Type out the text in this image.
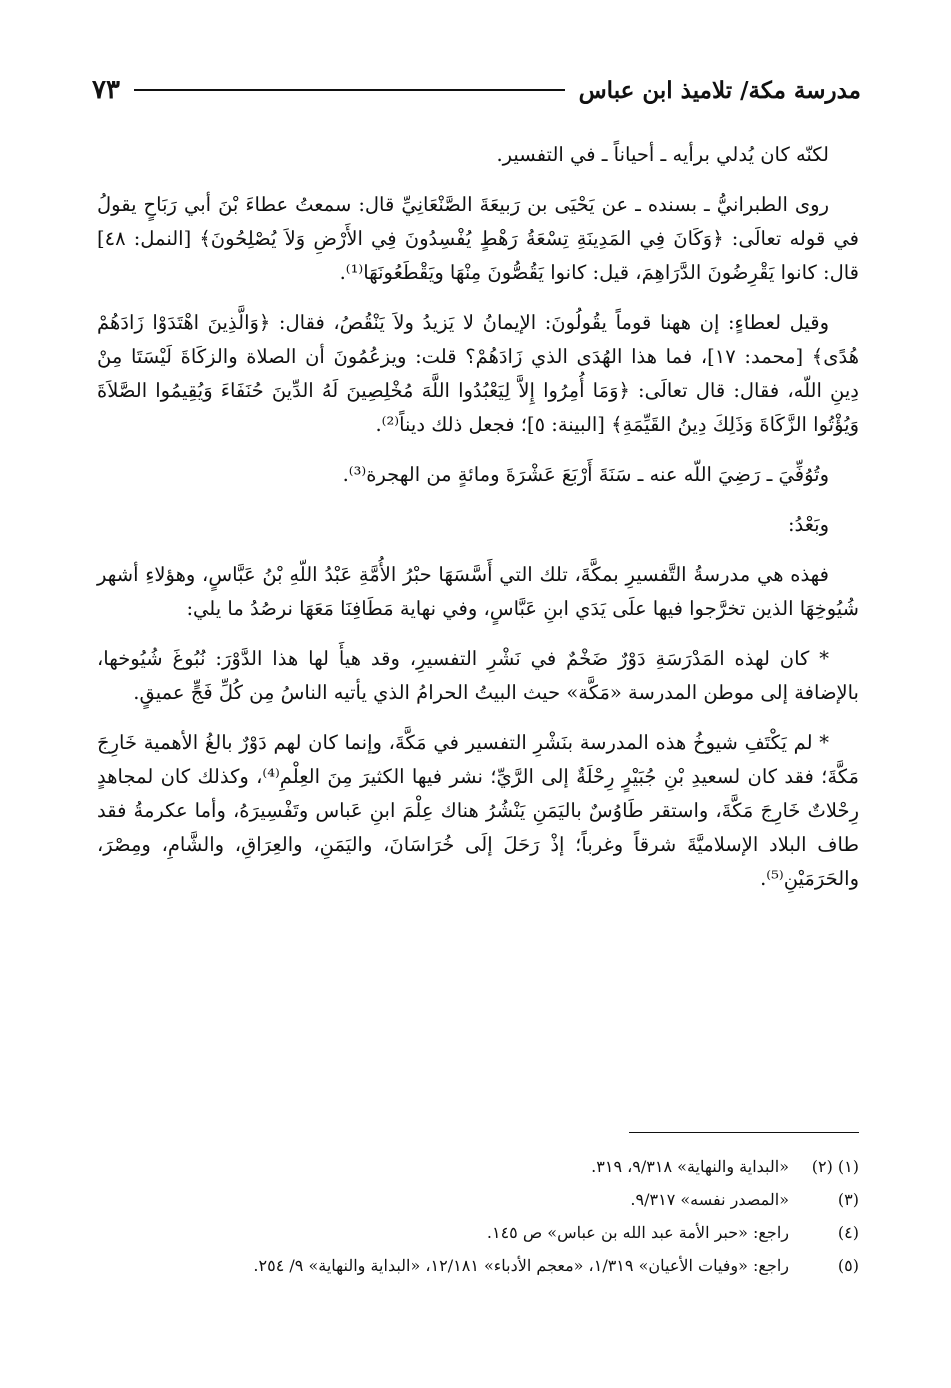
مدرسة مكة/ تلاميذ ابن عباس
٧٣

لكنّه كان يُدلي برأيه ـ أحياناً ـ في التفسير.

روى الطبرانيُّ ـ بسنده ـ عن يَحْيَى بن رَبيعَةَ الصَّنْعَانِيِّ قال: سمعتُ عطاءَ بْنَ أبي رَبَاحٍ يقولُ في قوله تعالَى: ﴿وَكَانَ فِي المَدِينَةِ تِسْعَةُ رَهْطٍ يُفْسِدُونَ فِي الأَرْضِ وَلاَ يُصْلِحُونَ﴾ [النمل: ٤٨] قال: كانوا يَقْرِضُونَ الدَّرَاهِمَ، قيل: كانوا يَقُصُّونَ مِنْهَا ويَقْطَعُونَهَا⁽¹⁾.

وقيل لعطاءٍ: إن ههنا قوماً يقُولُونَ: الإيمانُ لا يَزيدُ ولاَ يَنْقُصُ، فقال: ﴿وَالَّذِينَ اهْتَدَوْا زَادَهُمْ هُدًى﴾ [محمد: ١٧]، فما هذا الهُدَى الذي زَادَهُمْ؟ قلت: ويزعُمُونَ أن الصلاة والزكَاةَ لَيْسَتَا مِنْ دِينِ اللّه، فقال: قال تعالَى: ﴿وَمَا أُمِرُوا إِلاَّ لِيَعْبُدُوا اللَّهَ مُخْلِصِينَ لَهُ الدِّينَ حُنَفَاءَ وَيُقِيمُوا الصَّلاَةَ وَيُؤْتُوا الزَّكَاةَ وَذَلِكَ دِينُ القَيِّمَةِ﴾ [البينة: ٥]؛ فجعل ذلك ديناً⁽²⁾.

وتُوُفِّيَ ـ رَضِيَ اللّه عنه ـ سَنَةَ أَرْبَعَ عَشْرَةَ ومائةٍ من الهجرة⁽³⁾.

وبَعْدُ:

فهذه هي مدرسةُ التَّفسيرِ بمكَّةَ، تلك التي أَسَّسَهَا حبْرُ الأُمَّةِ عَبْدُ اللّهِ بْنُ عَبَّاسٍ، وهؤلاءِ أشهر شُيُوخِهَا الذين تخرَّجوا فيها علَى يَدَي ابنِ عَبَّاسٍ، وفي نهاية مَطَافِنَا مَعَهَا نرصُدُ ما يلي:

* كان لهذه المَدْرَسَةِ دَوْرٌ ضَخْمٌ في نَشْرِ التفسيرِ، وقد هيأَ لها هذا الدَّوْرَ: نُبُوغَ شُيُوخها، بالإضافة إلى موطن المدرسة «مَكَّة» حيث البيتُ الحرامُ الذي يأتيه الناسُ مِن كُلِّ فَجٍّ عميقٍ.

* لم يَكْتَفِ شيوخُ هذه المدرسة بنَشْرِ التفسير في مَكَّةَ، وإنما كان لهم دَوْرٌ بالغُ الأهمية خَارِجَ مَكَّةَ؛ فقد كان لسعيدِ بْنِ جُبَيْرٍ رِحْلَةٌ إلى الرَّيِّ؛ نشر فيها الكثيرَ مِنَ العِلْمِ⁽⁴⁾، وكذلك كان لمجاهدٍ رِحْلاتٌ خَارِجَ مَكَّةَ، واستقر طَاوُسٌ باليَمَنِ يَنْشُرُ هناك عِلْمَ ابنِ عَباس وتَفْسِيرَهُ، وأما عكرمةُ فقد طاف البلاد الإسلاميَّةَ شرقاً وغرباً؛ إذْ رَحَلَ إلَى خُرَاسَانَ، واليَمَنِ، والعِرَاقِ، والشَّامِ، ومِصْرَ، والحَرَمَيْنِ⁽⁵⁾.

(١) (٢)
«البداية والنهاية» ٩/٣١٨، ٣١٩.
(٣)
«المصدر نفسه» ٩/٣١٧.
(٤)
راجع: «حبر الأمة عبد الله بن عباس» ص ١٤٥.
(٥)
راجع: «وفيات الأعيان» ١/٣١٩، «معجم الأدباء» ١٢/١٨١، «البداية والنهاية» ٩/ ٢٥٤.
